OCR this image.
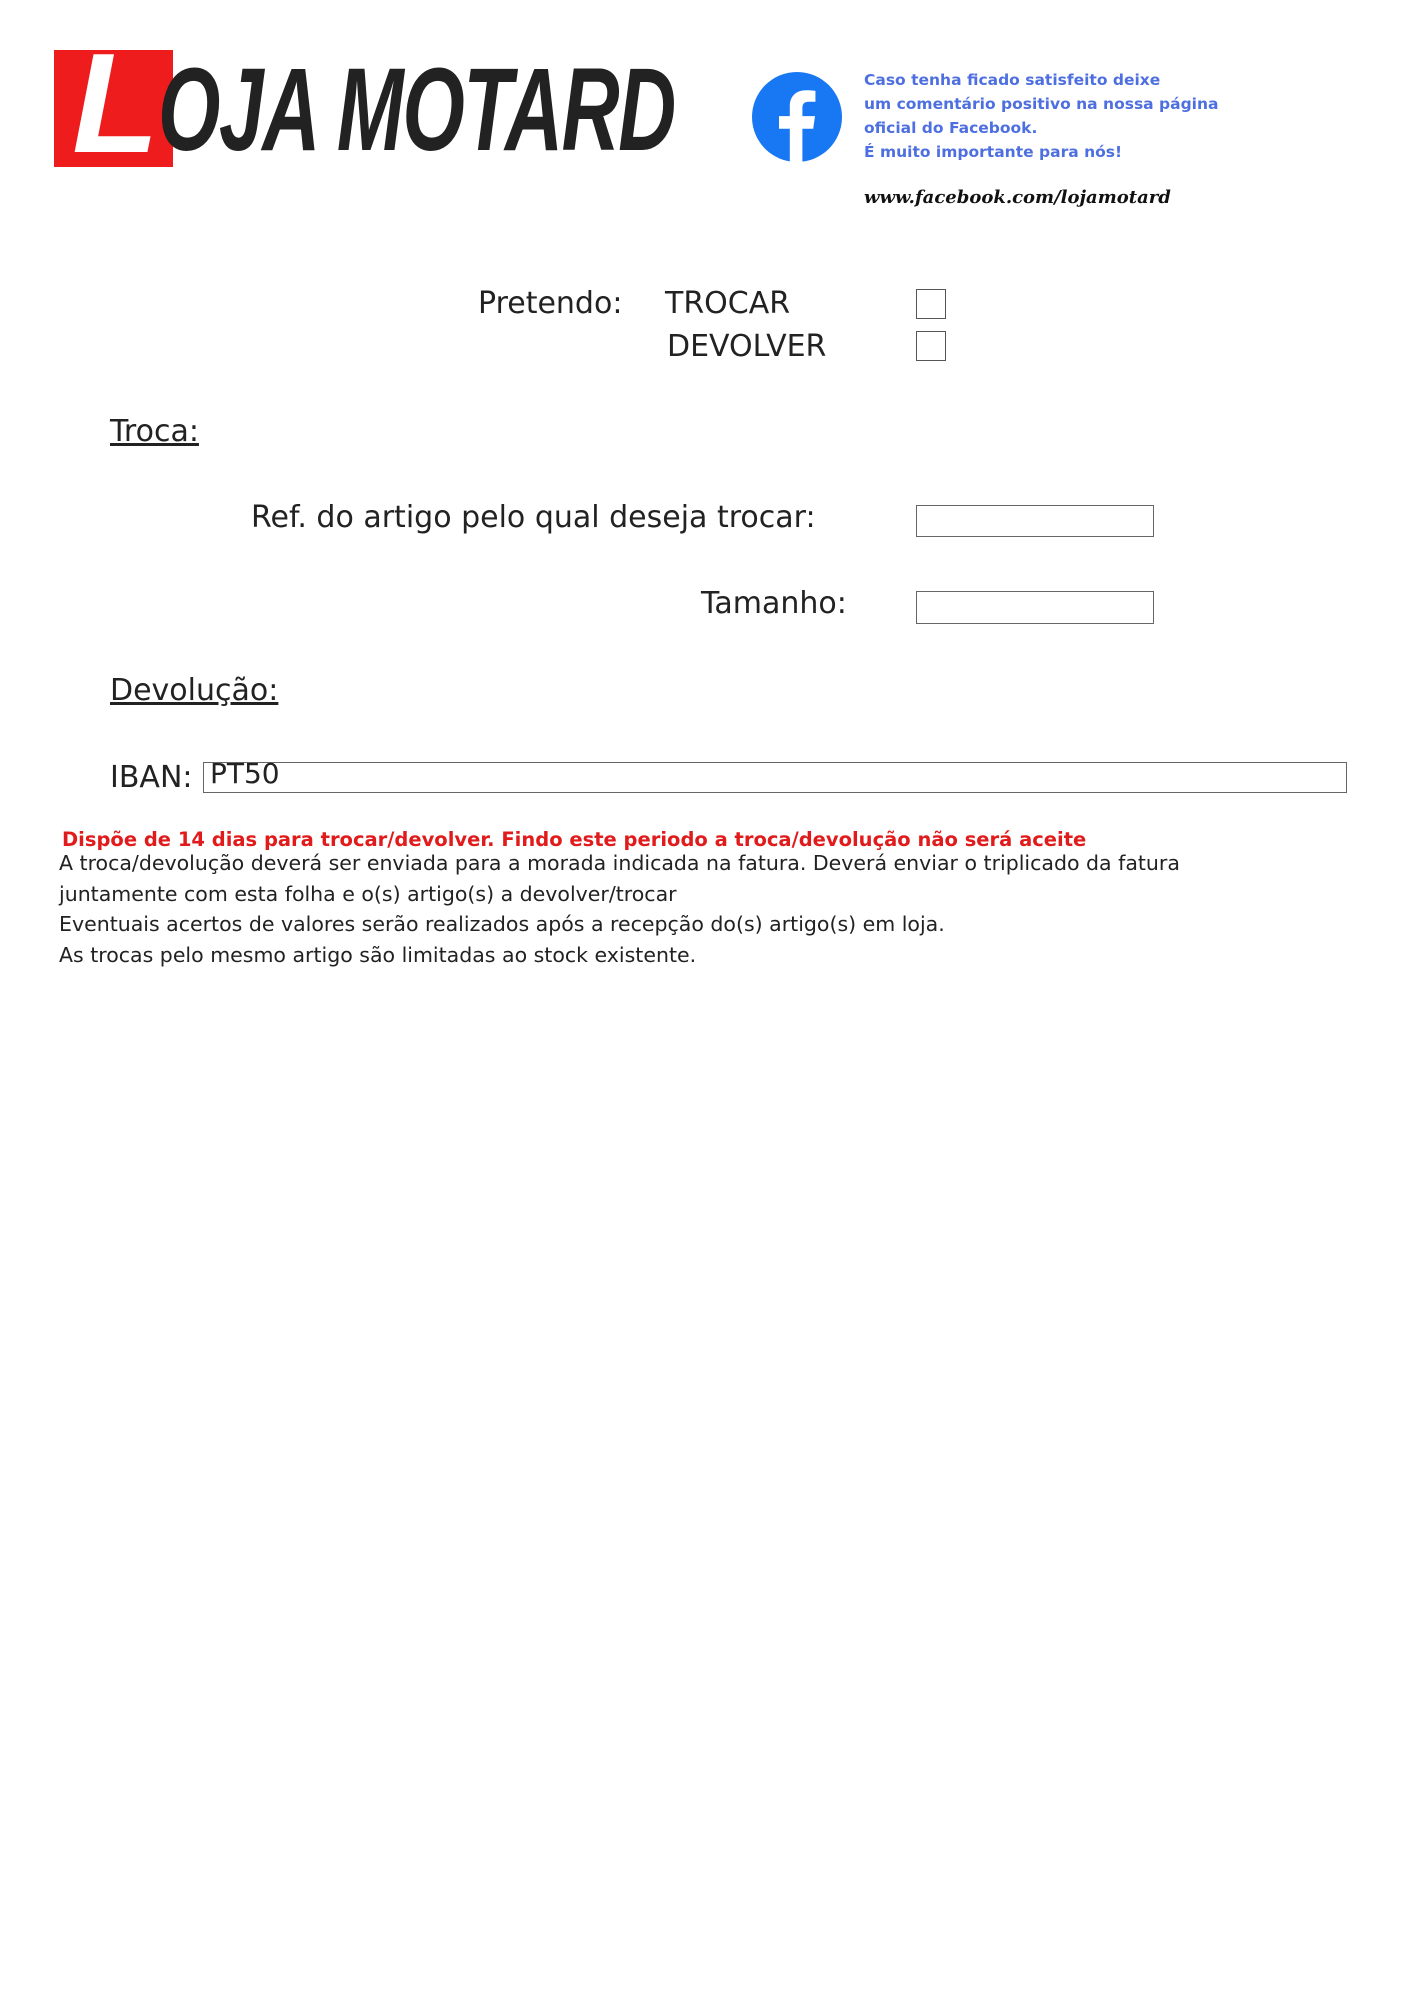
L OJA MOTARD	Caso tenha ficado satisfeito deixe
um comentário positivo na nossa página
oficial do Facebook.
É muito importante para nós!
www.facebook.com/lojamotard
Pretendo: TROCAR
DEVOLVER
Troca:
Ref. do artigo pelo qual deseja trocar:
Tamanho:
Devolução:
IBAN: PT50
Dispõe de 14 dias para trocar/devolver. Findo este periodo a troca/devolução não será aceite
A troca/devolução deverá ser enviada para a morada indicada na fatura. Deverá enviar o triplicado da fatura
juntamente com esta folha e o(s) artigo(s) a devolver/trocar
Eventuais acertos de valores serão realizados após a recepção do(s) artigo(s) em loja.
As trocas pelo mesmo artigo são limitadas ao stock existente.
